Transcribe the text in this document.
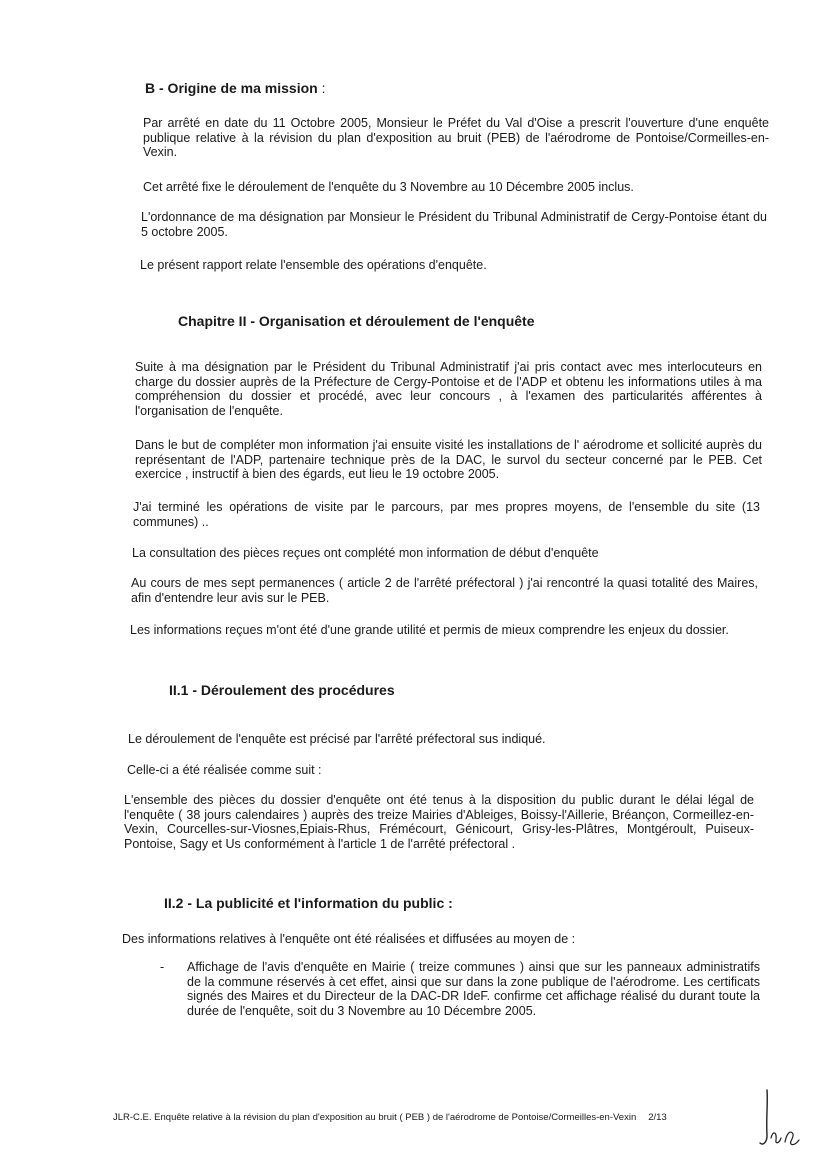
B - Origine de ma mission :

Par arrêté en date du 11 Octobre 2005, Monsieur le Préfet du Val d'Oise a prescrit l'ouverture d'une enquête publique relative à la révision du plan d'exposition au bruit (PEB) de l'aérodrome de Pontoise/Cormeilles-en-Vexin.

Cet arrêté fixe le déroulement de l'enquête du 3 Novembre au 10 Décembre 2005 inclus.

L'ordonnance de ma désignation par Monsieur le Président du Tribunal Administratif de Cergy-Pontoise étant du 5 octobre 2005.

Le présent rapport relate l'ensemble des opérations d'enquête.

Chapitre II - Organisation et déroulement de l'enquête

Suite à ma désignation par le Président du Tribunal Administratif j'ai pris contact avec mes interlocuteurs en charge du dossier auprès de la Préfecture de Cergy-Pontoise et de l'ADP et obtenu les informations utiles à ma compréhension du dossier et procédé, avec leur concours , à l'examen des particularités afférentes à l'organisation de l'enquête.

Dans le but de compléter mon information j'ai ensuite visité les installations de l' aérodrome et sollicité auprès du représentant de l'ADP, partenaire technique près de la DAC, le survol du secteur concerné par le PEB. Cet exercice , instructif à bien des égards, eut lieu le 19 octobre 2005.

J'ai terminé les opérations de visite par le parcours, par mes propres moyens, de l'ensemble du site (13 communes) ..

La consultation des pièces reçues ont complété mon information de début d'enquête

Au cours de mes sept permanences ( article 2 de l'arrêté préfectoral ) j'ai rencontré la quasi totalité des Maires, afin d'entendre leur avis sur le PEB.

Les informations reçues m'ont été d'une grande utilité et permis de mieux comprendre les enjeux du dossier.

II.1 - Déroulement des procédures

Le déroulement de l'enquête est précisé par l'arrêté préfectoral sus indiqué.

Celle-ci a été réalisée comme suit :

L'ensemble des pièces du dossier d'enquête ont été tenus à la disposition du public durant le délai légal de l'enquête ( 38 jours calendaires ) auprès des treize Mairies d'Ableiges, Boissy-l'Aillerie, Bréançon, Cormeillez-en-Vexin, Courcelles-sur-Viosnes,Epiais-Rhus, Frémécourt, Génicourt, Grisy-les-Plâtres, Montgéroult, Puiseux-Pontoise, Sagy et Us conformément à l'article 1 de l'arrêté préfectoral .

II.2 - La publicité et l'information du public :

Des informations relatives à l'enquête ont été réalisées et diffusées au moyen de :

- Affichage de l'avis d'enquête en Mairie ( treize communes ) ainsi que sur les panneaux administratifs de la commune réservés à cet effet, ainsi que sur dans la zone publique de l'aérodrome. Les certificats signés des Maires et du Directeur de la DAC-DR IdeF. confirme cet affichage réalisé du durant toute la durée de l'enquête, soit du 3 Novembre au 10 Décembre 2005.
JLR-C.E. Enquête relative à la révision du plan d'exposition au bruit ( PEB ) de l'aérodrome de Pontoise/Cormeilles-en-Vexin 2/13
